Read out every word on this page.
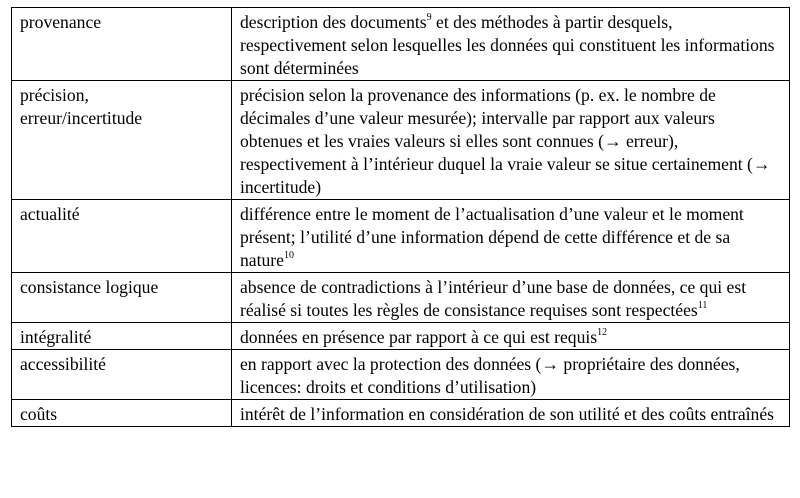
provenance	description des documents$^9$ et des méthodes à partir desquels, respectivement selon lesquelles les données qui constituent les informations sont déterminées

précision,
erreur/incertitude	précision selon la provenance des informations (p. ex. le nombre de décimales d’une valeur mesurée); intervalle par rapport aux valeurs obtenues et les vraies valeurs si elles sont connues (→ erreur), respectivement à l’intérieur duquel la vraie valeur se situe certainement (→ incertitude)

actualité	différence entre le moment de l’actualisation d’une valeur et le moment présent; l’utilité d’une information dépend de cette différence et de sa nature$^{10}$

consistance logique	absence de contradictions à l’intérieur d’une base de données, ce qui est réalisé si toutes les règles de consistance requises sont respectées$^{11}$

intégralité	données en présence par rapport à ce qui est requis$^{12}$

accessibilité	en rapport avec la protection des données (→ propriétaire des données, licences: droits et conditions d’utilisation)

coûts	intérêt de l’information en considération de son utilité et des coûts entraînés
